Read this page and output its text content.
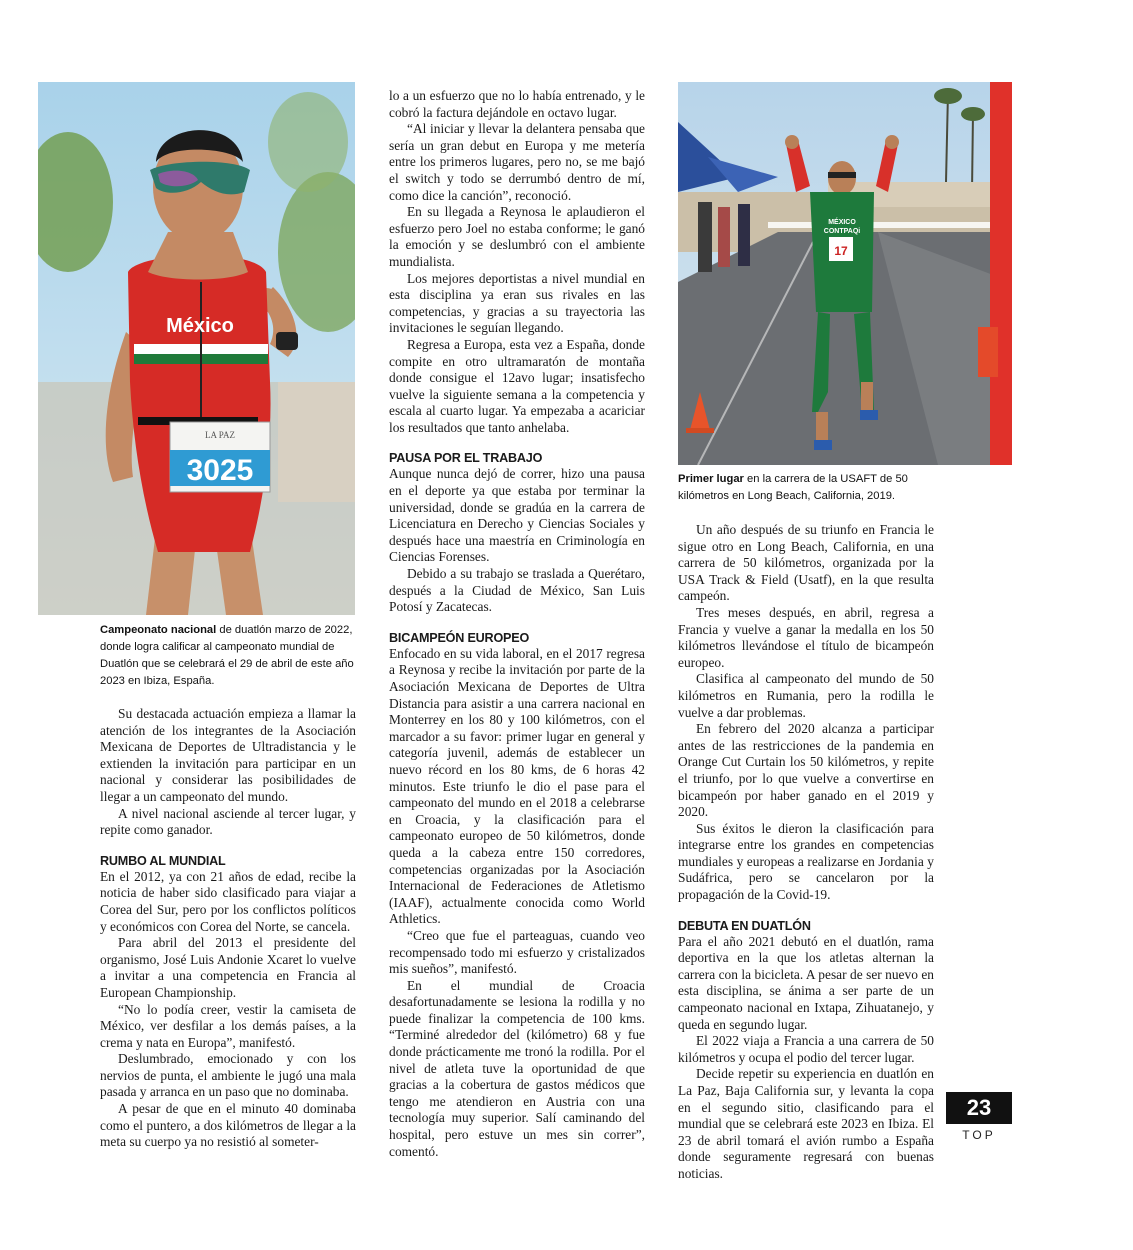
México
LA PAZ
3025
Campeonato nacional de duatlón marzo de 2022, donde logra calificar al campeonato mundial de Duatlón que se celebrará el 29 de abril de este año 2023 en Ibiza, España.

Su destacada actuación empieza a llamar la atención de los integrantes de la Asociación Mexicana de Deportes de Ultradistancia y le extienden la invitación para participar en un nacional y considerar las posibilidades de llegar a un campeonato del mundo.

A nivel nacional asciende al tercer lugar, y repite como ganador.

RUMBO AL MUNDIAL

En el 2012, ya con 21 años de edad, recibe la noticia de haber sido clasificado para viajar a Corea del Sur, pero por los conflictos políticos y económicos con Corea del Norte, se cancela.

Para abril del 2013 el presidente del organismo, José Luis Andonie Xcaret lo vuelve a invitar a una competencia en Francia al European Championship.

“No lo podía creer, vestir la camiseta de México, ver desfilar a los demás países, a la crema y nata en Europa”, manifestó.

Deslumbrado, emocionado y con los nervios de punta, el ambiente le jugó una mala pasada y arranca en un paso que no dominaba.

A pesar de que en el minuto 40 dominaba como el puntero, a dos kilómetros de llegar a la meta su cuerpo ya no resistió al someter-

lo a un esfuerzo que no lo había entrenado, y le cobró la factura dejándole en octavo lugar.

“Al iniciar y llevar la delantera pensaba que sería un gran debut en Europa y me metería entre los primeros lugares, pero no, se me bajó el switch y todo se derrumbó dentro de mí, como dice la canción”, reconoció.

En su llegada a Reynosa le aplaudieron el esfuerzo pero Joel no estaba conforme; le ganó la emoción y se deslumbró con el ambiente mundialista.

Los mejores deportistas a nivel mundial en esta disciplina ya eran sus rivales en las competencias, y gracias a su trayectoria las invitaciones le seguían llegando.

Regresa a Europa, esta vez a España, donde compite en otro ultramaratón de montaña donde consigue el 12avo lugar; insatisfecho vuelve la siguiente semana a la competencia y escala al cuarto lugar. Ya empezaba a acariciar los resultados que tanto anhelaba.

PAUSA POR EL TRABAJO

Aunque nunca dejó de correr, hizo una pausa en el deporte ya que estaba por terminar la universidad, donde se gradúa en la carrera de Licenciatura en Derecho y Ciencias Sociales y después hace una maestría en Criminología en Ciencias Forenses.

Debido a su trabajo se traslada a Querétaro, después a la Ciudad de México, San Luis Potosí y Zacatecas.

BICAMPEÓN EUROPEO

Enfocado en su vida laboral, en el 2017 regresa a Reynosa y recibe la invitación por parte de la Asociación Mexicana de Deportes de Ultra Distancia para asistir a una carrera nacional en Monterrey en los 80 y 100 kilómetros, con el marcador a su favor: primer lugar en general y categoría juvenil, además de establecer un nuevo récord en los 80 kms, de 6 horas 42 minutos. Este triunfo le dio el pase para el campeonato del mundo en el 2018 a celebrarse en Croacia, y la clasificación para el campeonato europeo de 50 kilómetros, donde queda a la cabeza entre 150 corredores, competencias organizadas por la Asociación Internacional de Federaciones de Atletismo (IAAF), actualmente conocida como World Athletics.

“Creo que fue el parteaguas, cuando veo recompensado todo mi esfuerzo y cristalizados mis sueños”, manifestó.

En el mundial de Croacia desafortunadamente se lesiona la rodilla y no puede finalizar la competencia de 100 kms. “Terminé alrededor del (kilómetro) 68 y fue donde prácticamente me tronó la rodilla. Por el nivel de atleta tuve la oportunidad de que gracias a la cobertura de gastos médicos que tengo me atendieron en Austria con una tecnología muy superior. Salí caminando del hospital, pero estuve un mes sin correr”, comentó.

MÉXICO
CONTPAQi
17
Primer lugar en la carrera de la USAFT de 50 kilómetros en Long Beach, California, 2019.

Un año después de su triunfo en Francia le sigue otro en Long Beach, California, en una carrera de 50 kilómetros, organizada por la USA Track & Field (Usatf), en la que resulta campeón.

Tres meses después, en abril, regresa a Francia y vuelve a ganar la medalla en los 50 kilómetros llevándose el título de bicampeón europeo.

Clasifica al campeonato del mundo de 50 kilómetros en Rumania, pero la rodilla le vuelve a dar problemas.

En febrero del 2020 alcanza a participar antes de las restricciones de la pandemia en Orange Cut Curtain los 50 kilómetros, y repite el triunfo, por lo que vuelve a convertirse en bicampeón por haber ganado en el 2019 y 2020.

Sus éxitos le dieron la clasificación para integrarse entre los grandes en competencias mundiales y europeas a realizarse en Jordania y Sudáfrica, pero se cancelaron por la propagación de la Covid-19.

DEBUTA EN DUATLÓN

Para el año 2021 debutó en el duatlón, rama deportiva en la que los atletas alternan la carrera con la bicicleta. A pesar de ser nuevo en esta disciplina, se ánima a ser parte de un campeonato nacional en Ixtapa, Zihuatanejo, y queda en segundo lugar.

El 2022 viaja a Francia a una carrera de 50 kilómetros y ocupa el podio del tercer lugar.

Decide repetir su experiencia en duatlón en La Paz, Baja California sur, y levanta la copa en el segundo sitio, clasificando para el mundial que se celebrará este 2023 en Ibiza. El 23 de abril tomará el avión rumbo a España donde seguramente regresará con buenas noticias.

23
TOP
